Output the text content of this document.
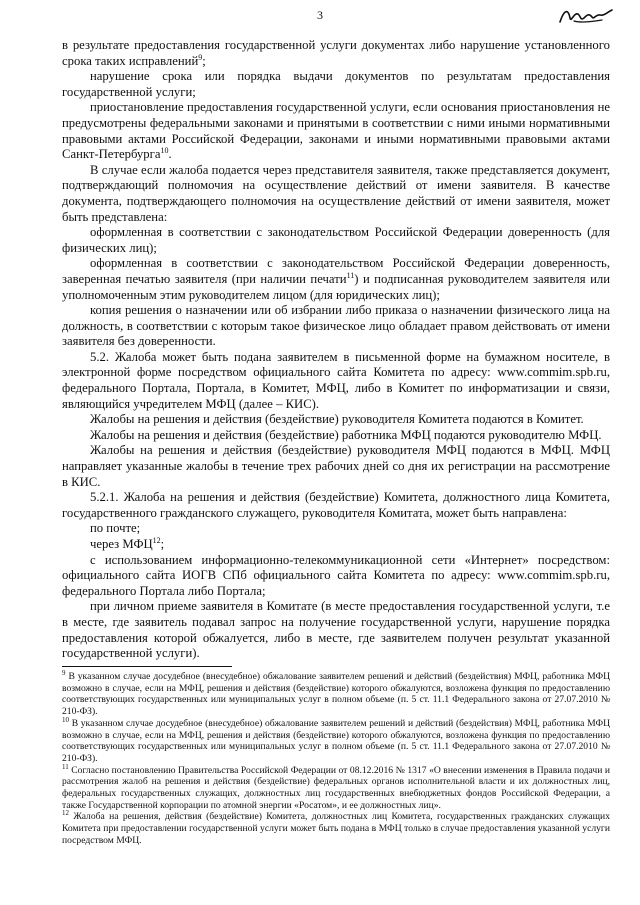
3

в результате предоставления государственной услуги документах либо нарушение установленного срока таких исправлений$^9$;

нарушение срока или порядка выдачи документов по результатам предоставления государственной услуги;

приостановление предоставления государственной услуги, если основания приостановления не предусмотрены федеральными законами и принятыми в соответствии с ними иными нормативными правовыми актами Российской Федерации, законами и иными нормативными правовыми актами Санкт-Петербурга$^{10}$.

В случае если жалоба подается через представителя заявителя, также представляется документ, подтверждающий полномочия на осуществление действий от имени заявителя. В качестве документа, подтверждающего полномочия на осуществление действий от имени заявителя, может быть представлена:

оформленная в соответствии с законодательством Российской Федерации доверенность (для физических лиц);

оформленная в соответствии с законодательством Российской Федерации доверенность, заверенная печатью заявителя (при наличии печати$^{11}$) и подписанная руководителем заявителя или уполномоченным этим руководителем лицом (для юридических лиц);

копия решения о назначении или об избрании либо приказа о назначении физического лица на должность, в соответствии с которым такое физическое лицо обладает правом действовать от имени заявителя без доверенности.

5.2. Жалоба может быть подана заявителем в письменной форме на бумажном носителе, в электронной форме посредством официального сайта Комитета по адресу: www.commim.spb.ru, федерального Портала, Портала, в Комитет, МФЦ, либо в Комитет по информатизации и связи, являющийся учредителем МФЦ (далее – КИС).

Жалобы на решения и действия (бездействие) руководителя Комитета подаются в Комитет.

Жалобы на решения и действия (бездействие) работника МФЦ подаются руководителю МФЦ.

Жалобы на решения и действия (бездействие) руководителя МФЦ подаются в МФЦ. МФЦ направляет указанные жалобы в течение трех рабочих дней со дня их регистрации на рассмотрение в КИС.

5.2.1. Жалоба на решения и действия (бездействие) Комитета, должностного лица Комитета, государственного гражданского служащего, руководителя Комитата, может быть направлена:

по почте;

через МФЦ$^{12}$;

с использованием информационно-телекоммуникационной сети «Интернет» посредством: официального сайта ИОГВ СПб официального сайта Комитета по адресу: www.commim.spb.ru, федерального Портала либо Портала;

при личном приеме заявителя в Комитате (в месте предоставления государственной услуги, т.е в месте, где заявитель подавал запрос на получение государственной услуги, нарушение порядка предоставления которой обжалуется, либо в месте, где заявителем получен результат указанной государственной услуги).

$^9$ В указанном случае досудебное (внесудебное) обжалование заявителем решений и действий (бездействия) МФЦ, работника МФЦ возможно в случае, если на МФЦ, решения и действия (бездействие) которого обжалуются, возложена функция по предоставлению соответствующих государственных или муниципальных услуг в полном объеме (п. 5 ст. 11.1 Федерального закона от 27.07.2010 № 210-ФЗ).

$^{10}$ В указанном случае досудебное (внесудебное) обжалование заявителем решений и действий (бездействия) МФЦ, работника МФЦ возможно в случае, если на МФЦ, решения и действия (бездействие) которого обжалуются, возложена функция по предоставлению соответствующих государственных или муниципальных услуг в полном объеме (п. 5 ст. 11.1 Федерального закона от 27.07.2010 № 210-ФЗ).

$^{11}$ Согласно постановлению Правительства Российской Федерации от 08.12.2016 № 1317 «О внесении изменения в Правила подачи и рассмотрения жалоб на решения и действия (бездействие) федеральных органов исполнительной власти и их должностных лиц, федеральных государственных служащих, должностных лиц государственных внебюджетных фондов Российской Федерации, а также Государственной корпорации по атомной энергии «Росатом», и ее должностных лиц».

$^{12}$ Жалоба на решения, действия (бездействие) Комитета, должностных лиц Комитета, государственных гражданских служащих Комитета при предоставлении государственной услуги может быть подана в МФЦ только в случае предоставления указанной услуги посредством МФЦ.
